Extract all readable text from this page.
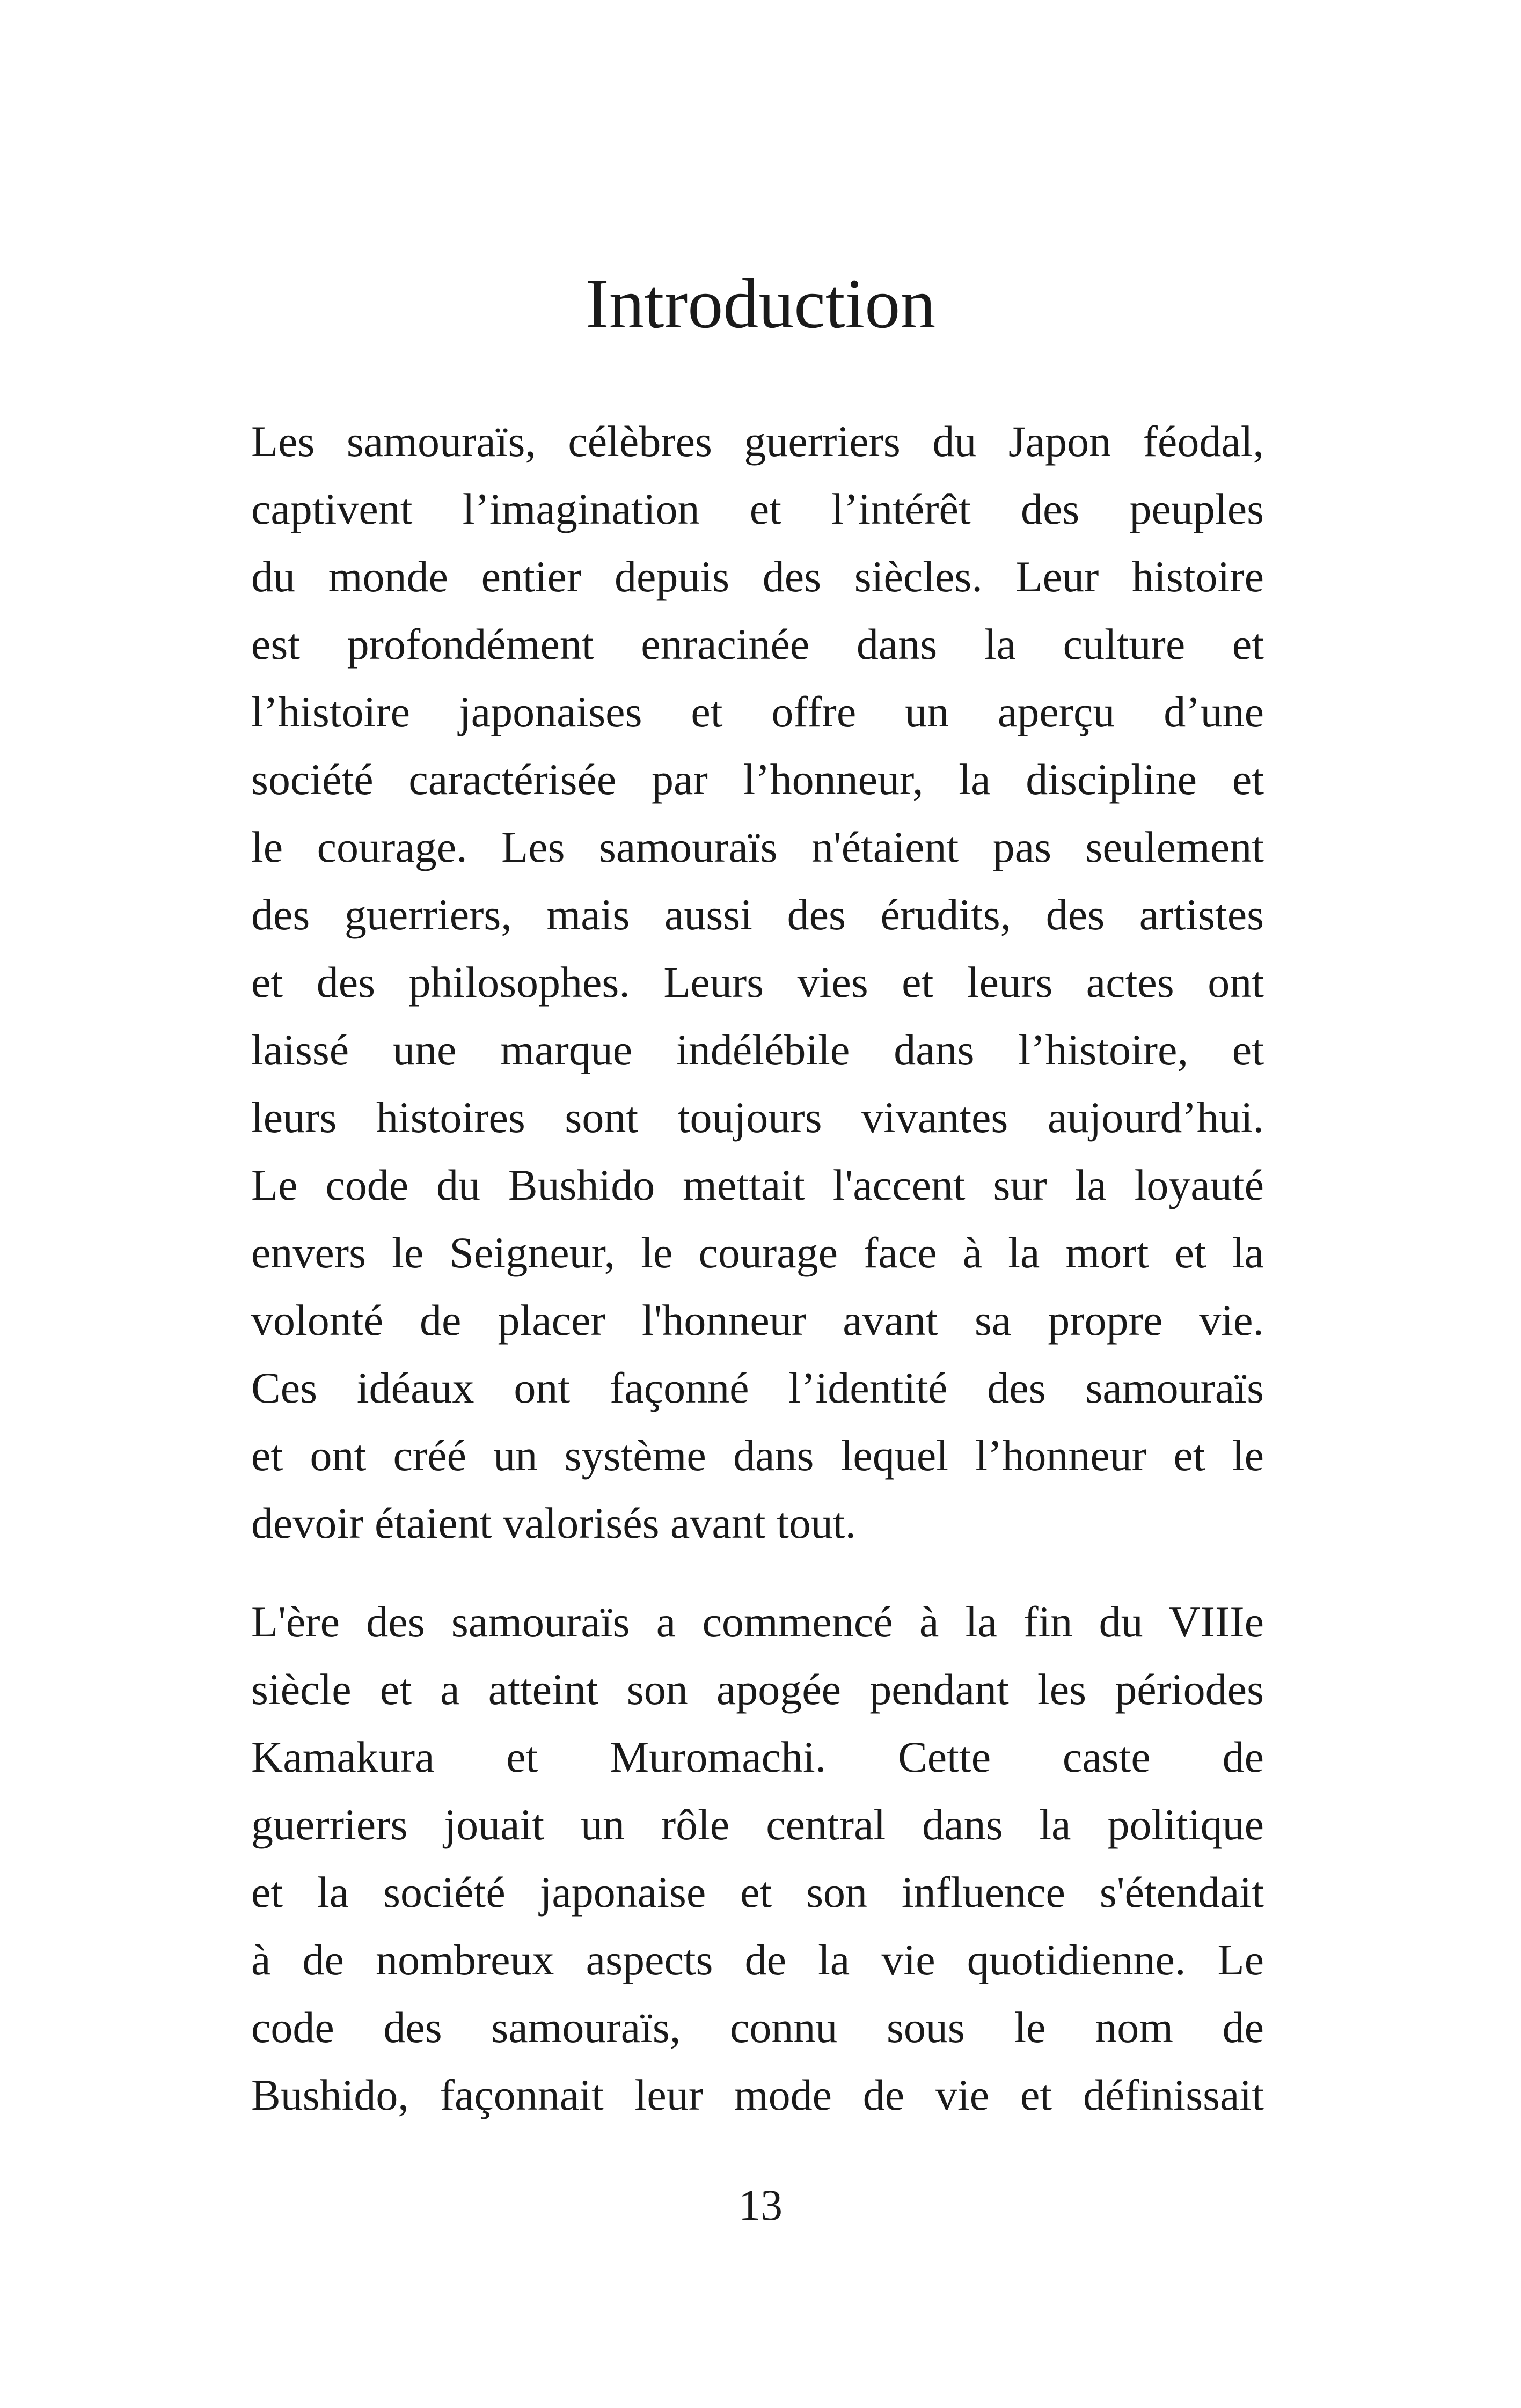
Introduction

Les samouraïs, célèbres guerriers du Japon féodal,
captivent l’imagination et l’intérêt des peuples
du monde entier depuis des siècles. Leur histoire
est profondément enracinée dans la culture et
l’histoire japonaises et offre un aperçu d’une
société caractérisée par l’honneur, la discipline et
le courage. Les samouraïs n'étaient pas seulement
des guerriers, mais aussi des érudits, des artistes
et des philosophes. Leurs vies et leurs actes ont
laissé une marque indélébile dans l’histoire, et
leurs histoires sont toujours vivantes aujourd’hui.
Le code du Bushido mettait l'accent sur la loyauté
envers le Seigneur, le courage face à la mort et la
volonté de placer l'honneur avant sa propre vie.
Ces idéaux ont façonné l’identité des samouraïs
et ont créé un système dans lequel l’honneur et le
devoir étaient valorisés avant tout.

L'ère des samouraïs a commencé à la fin du VIIIe
siècle et a atteint son apogée pendant les périodes
Kamakura et Muromachi. Cette caste de
guerriers jouait un rôle central dans la politique
et la société japonaise et son influence s'étendait
à de nombreux aspects de la vie quotidienne. Le
code des samouraïs, connu sous le nom de
Bushido, façonnait leur mode de vie et définissait

13
